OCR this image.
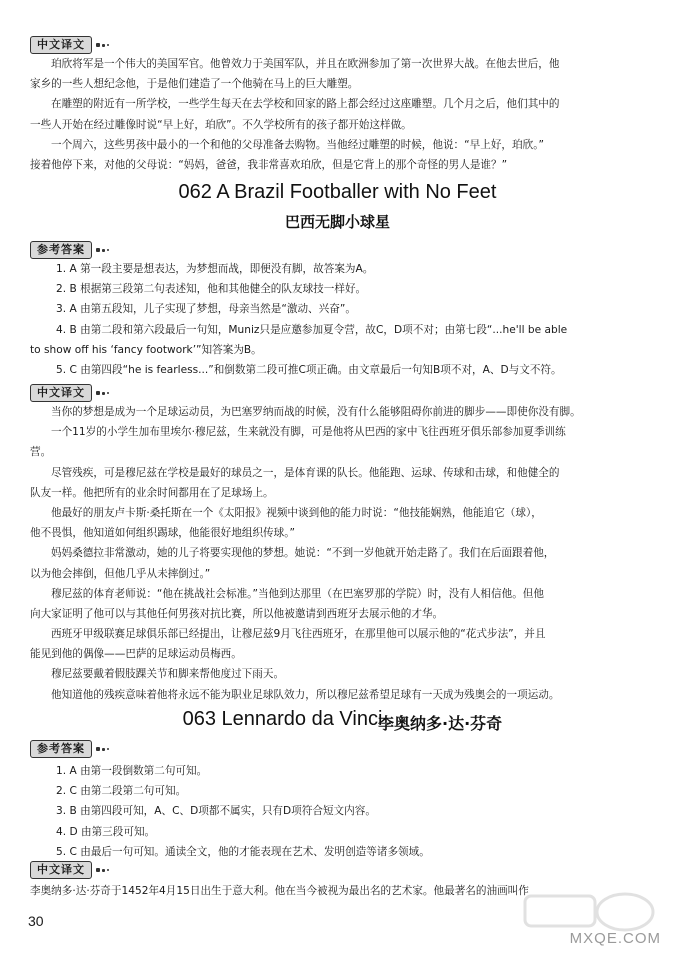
中文译文
珀欣将军是一个伟大的美国军官。他曾效力于美国军队，并且在欧洲参加了第一次世界大战。在他去世后，他
家乡的一些人想纪念他，于是他们建造了一个他骑在马上的巨大雕塑。
在雕塑的附近有一所学校，一些学生每天在去学校和回家的路上都会经过这座雕塑。几个月之后，他们其中的
一些人开始在经过雕像时说“早上好，珀欣”。不久学校所有的孩子都开始这样做。
一个周六，这些男孩中最小的一个和他的父母准备去购物。当他经过雕塑的时候，他说：“早上好，珀欣。”
接着他停下来，对他的父母说：“妈妈，爸爸，我非常喜欢珀欣，但是它背上的那个奇怪的男人是谁？”
062 A Brazil Footballer with No Feet
巴西无脚小球星
参考答案
1. A 第一段主要是想表达，为梦想而战，即便没有脚，故答案为A。
2. B 根据第三段第二句表述知，他和其他健全的队友球技一样好。
3. A 由第五段知，儿子实现了梦想，母亲当然是“激动、兴奋”。
4. B 由第二段和第六段最后一句知，Muniz只是应邀参加夏令营，故C，D项不对；由第七段“...he'll be able
to show off his ‘fancy footwork’”知答案为B。
5. C 由第四段“he is fearless...”和倒数第二段可推C项正确。由文章最后一句知B项不对，A、D与文不符。
中文译文
当你的梦想是成为一个足球运动员，为巴塞罗纳而战的时候，没有什么能够阻碍你前进的脚步——即使你没有脚。
一个11岁的小学生加布里埃尔·穆尼兹，生来就没有脚，可是他将从巴西的家中飞往西班牙俱乐部参加夏季训练
营。
尽管残疾，可是穆尼兹在学校是最好的球员之一，是体育课的队长。他能跑、运球、传球和击球，和他健全的
队友一样。他把所有的业余时间都用在了足球场上。
他最好的朋友卢卡斯·桑托斯在一个《太阳报》视频中谈到他的能力时说：“他技能娴熟，他能追它（球），
他不畏惧，他知道如何组织踢球，他能很好地组织传球。”
妈妈桑德拉非常激动，她的儿子将要实现他的梦想。她说：“不到一岁他就开始走路了。我们在后面跟着他，
以为他会摔倒，但他几乎从未摔倒过。”
穆尼兹的体育老师说：“他在挑战社会标准。”当他到达那里（在巴塞罗那的学院）时，没有人相信他。但他
向大家证明了他可以与其他任何男孩对抗比赛，所以他被邀请到西班牙去展示他的才华。
西班牙甲级联赛足球俱乐部已经提出，让穆尼兹9月飞往西班牙，在那里他可以展示他的“花式步法”，并且
能见到他的偶像——巴萨的足球运动员梅西。
穆尼兹要戴着假肢踝关节和脚来帮他度过下雨天。
他知道他的残疾意味着他将永远不能为职业足球队效力，所以穆尼兹希望足球有一天成为残奥会的一项运动。
063 Lennardo da Vinci
李奥纳多·达·芬奇
参考答案
1. A 由第一段倒数第二句可知。
2. C 由第二段第二句可知。
3. B 由第四段可知，A、C、D项都不属实，只有D项符合短文内容。
4. D 由第三段可知。
5. C 由最后一句可知。通读全文，他的才能表现在艺术、发明创造等诸多领域。
中文译文
李奥纳多·达·芬奇于1452年4月15日出生于意大利。他在当今被视为最出名的艺术家。他最著名的油画叫作
30
MXQE.COM
